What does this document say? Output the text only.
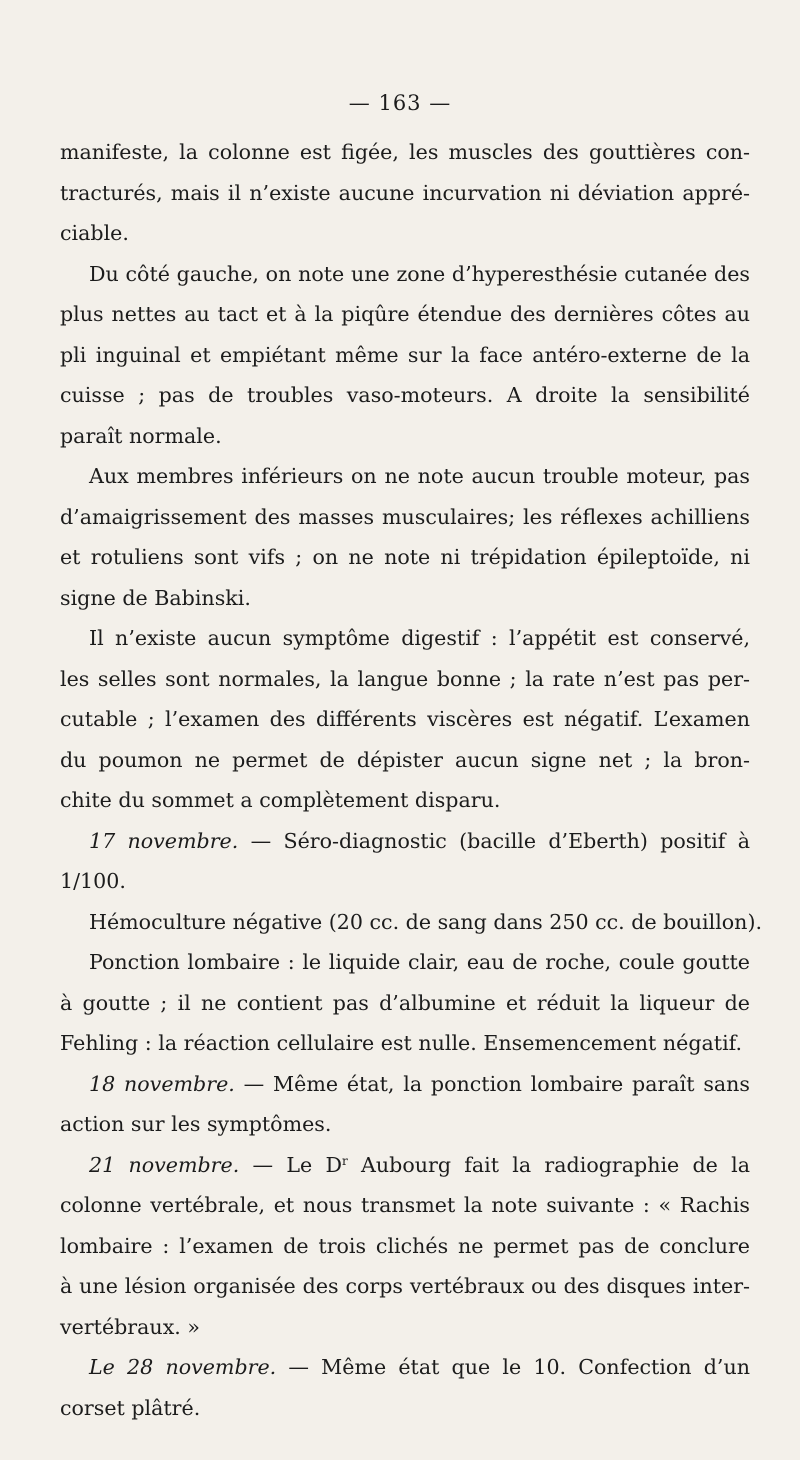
— 163 —
manifeste, la colonne est figée, les muscles des gouttières con-
tracturés, mais il n’existe aucune incurvation ni déviation appré-
ciable.
Du côté gauche, on note une zone d’hyperesthésie cutanée des
plus nettes au tact et à la piqûre étendue des dernières côtes au
pli inguinal et empiétant même sur la face antéro-externe de la
cuisse ; pas de troubles vaso-moteurs. A droite la sensibilité
paraît normale.
Aux membres inférieurs on ne note aucun trouble moteur, pas
d’amaigrissement des masses musculaires; les réflexes achilliens
et rotuliens sont vifs ; on ne note ni trépidation épileptoïde, ni
signe de Babinski.
Il n’existe aucun symptôme digestif : l’appétit est conservé,
les selles sont normales, la langue bonne ; la rate n’est pas per-
cutable ; l’examen des différents viscères est négatif. L’examen
du poumon ne permet de dépister aucun signe net ; la bron-
chite du sommet a complètement disparu.
17 novembre. — Séro-diagnostic (bacille d’Eberth) positif à
1/100.
Hémoculture négative (20 cc. de sang dans 250 cc. de bouillon).
Ponction lombaire : le liquide clair, eau de roche, coule goutte
à goutte ; il ne contient pas d’albumine et réduit la liqueur de
Fehling : la réaction cellulaire est nulle. Ensemencement négatif.
18 novembre. — Même état, la ponction lombaire paraît sans
action sur les symptômes.
21 novembre. — Le $D^r$ Aubourg fait la radiographie de la
colonne vertébrale, et nous transmet la note suivante : « Rachis
lombaire : l’examen de trois clichés ne permet pas de conclure
à une lésion organisée des corps vertébraux ou des disques inter-
vertébraux. »
Le 28 novembre. — Même état que le 10. Confection d’un
corset plâtré.
